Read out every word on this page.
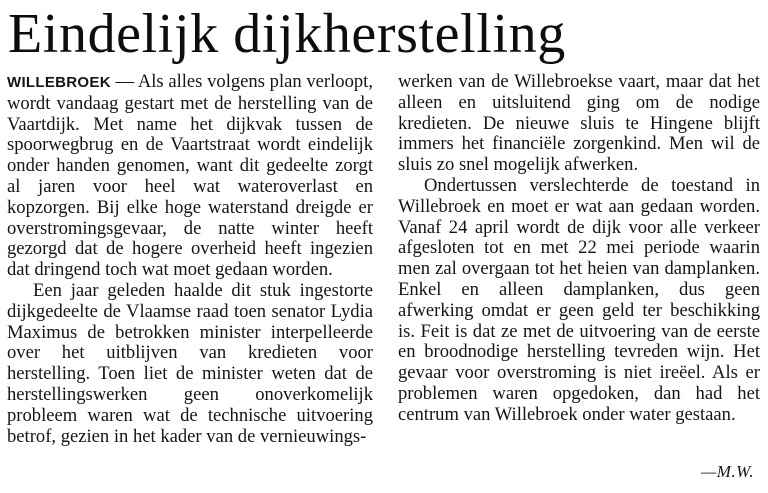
Eindelijk dijkherstelling

WILLEBROEK — Als alles volgens plan verloopt, wordt vandaag gestart met de herstelling van de Vaartdijk. Met name het dijkvak tussen de spoorwegbrug en de Vaartstraat wordt eindelijk onder handen genomen, want dit gedeelte zorgt al jaren voor heel wat wateroverlast en kopzorgen. Bij elke hoge waterstand dreigde er overstromingsgevaar, de natte winter heeft gezorgd dat de hogere overheid heeft ingezien dat dringend toch wat moet gedaan worden.

Een jaar geleden haalde dit stuk ingestorte dijkgedeelte de Vlaamse raad toen senator Lydia Maximus de betrokken minister interpelleerde over het uitblijven van kredieten voor herstelling. Toen liet de minister weten dat de herstellingswerken geen onoverkomelijk probleem waren wat de technische uitvoering betrof, gezien in het kader van de vernieuwings-

werken van de Willebroekse vaart, maar dat het alleen en uitsluitend ging om de nodige kredieten. De nieuwe sluis te Hingene blijft immers het financiële zorgenkind. Men wil de sluis zo snel mogelijk afwerken.

Ondertussen verslechterde de toestand in Willebroek en moet er wat aan gedaan worden. Vanaf 24 april wordt de dijk voor alle verkeer afgesloten tot en met 22 mei periode waarin men zal overgaan tot het heien van damplanken. Enkel en alleen damplanken, dus geen afwerking omdat er geen geld ter beschikking is. Feit is dat ze met de uitvoering van de eerste en broodnodige herstelling tevreden wijn. Het gevaar voor overstroming is niet ireëel. Als er problemen waren opgedoken, dan had het centrum van Willebroek onder water gestaan.

—M.W.
